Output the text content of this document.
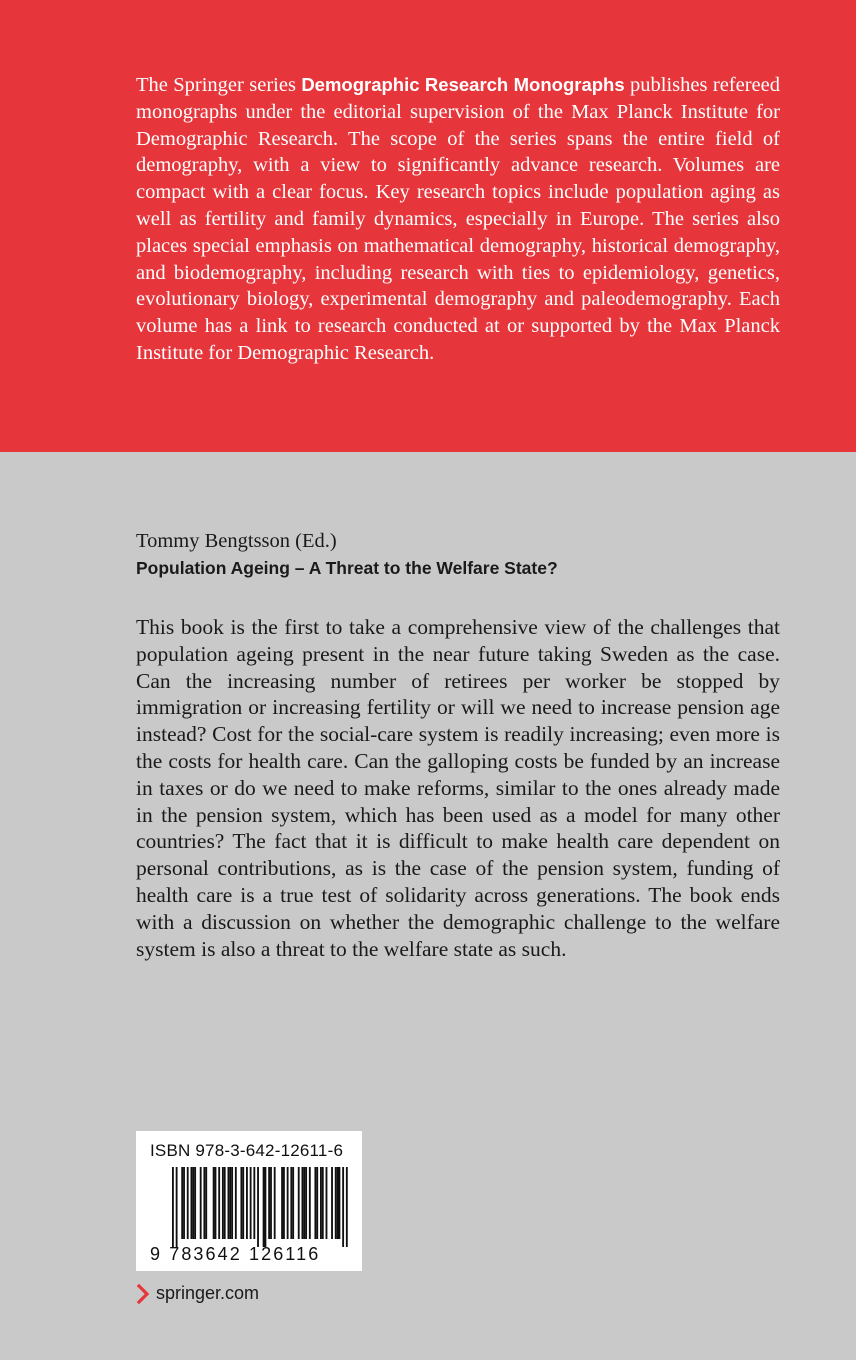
The Springer series Demographic Research Monographs publishes refereed monographs under the editorial supervision of the Max Planck Institute for Demographic Research. The scope of the series spans the entire field of demography, with a view to significantly advance research. Volumes are compact with a clear focus. Key research topics include population aging as well as fertility and family dynamics, especially in Europe. The series also places special emphasis on mathematical demography, historical demography, and biodemography, including research with ties to epidemiology, genetics, evolutionary biology, experimental demography and paleodemography. Each volume has a link to research conducted at or supported by the Max Planck Institute for Demographic Research.

Tommy Bengtsson (Ed.)

Population Ageing – A Threat to the Welfare State?

This book is the first to take a comprehensive view of the challenges that population ageing present in the near future taking Sweden as the case. Can the increasing number of retirees per worker be stopped by immigration or increasing fertility or will we need to increase pension age instead? Cost for the social-care system is readily increasing; even more is the costs for health care. Can the galloping costs be funded by an increase in taxes or do we need to make reforms, similar to the ones already made in the pension system, which has been used as a model for many other countries? The fact that it is difficult to make health care dependent on personal contributions, as is the case of the pension system, funding of health care is a true test of solidarity across generations. The book ends with a discussion on whether the demographic challenge to the welfare system is also a threat to the welfare state as such.

ISBN 978-3-642-12611-6
9 783642 126116
springer.com
